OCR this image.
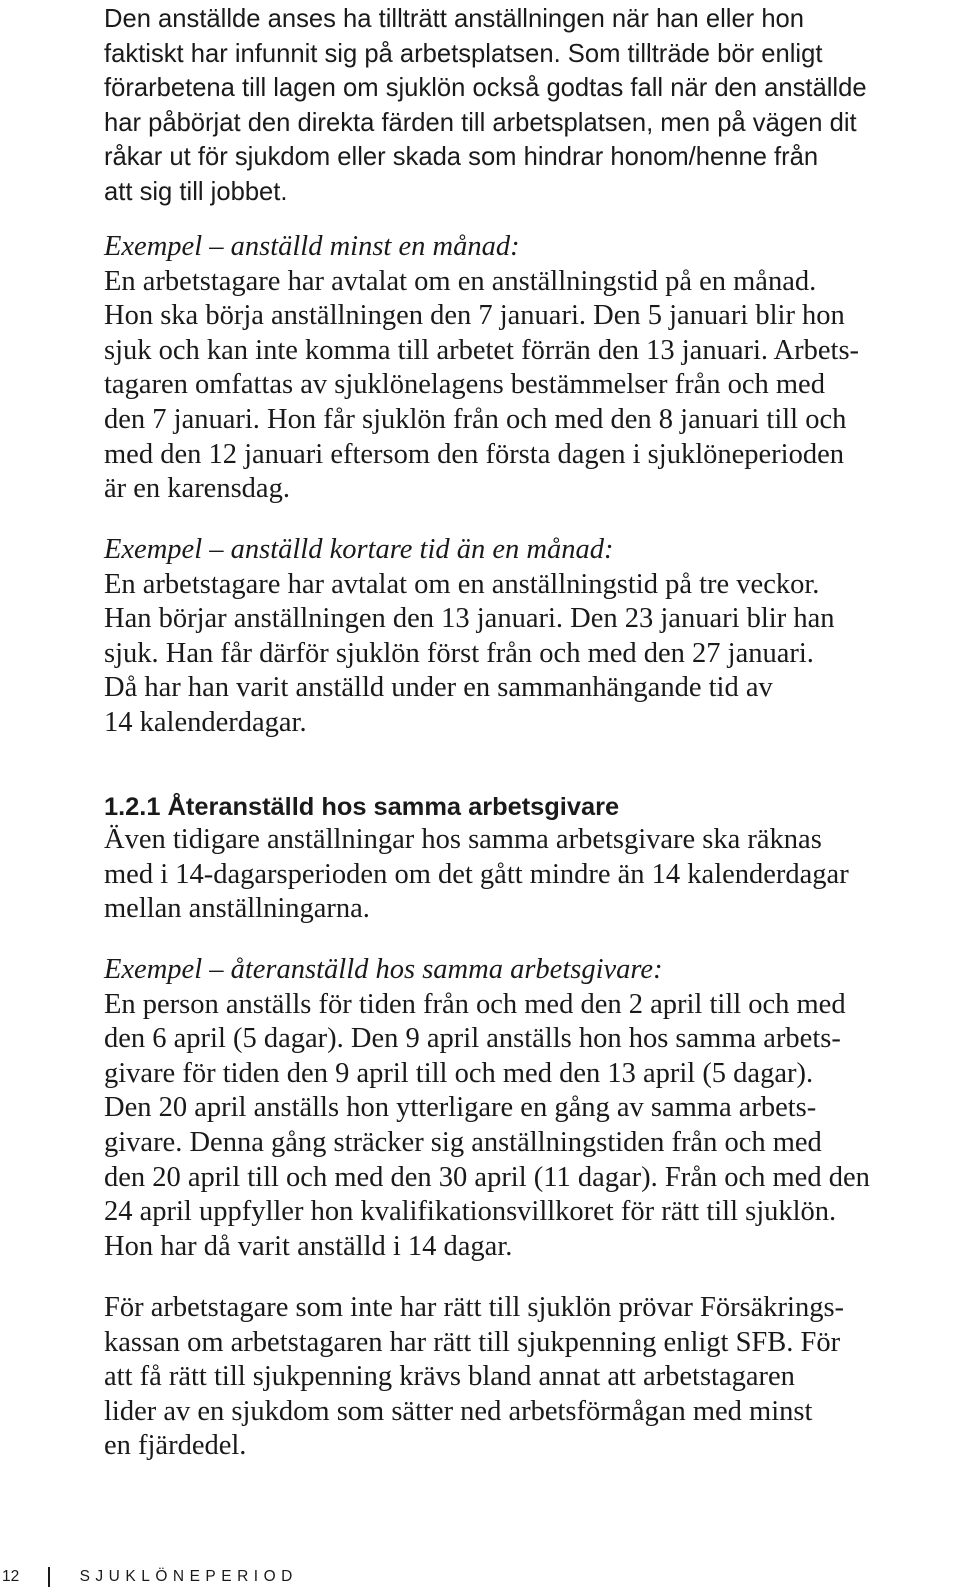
Den anställde anses ha tillträtt anställningen när han eller hon
faktiskt har infunnit sig på arbetsplatsen. Som tillträde bör enligt
förarbetena till lagen om sjuklön också godtas fall när den anställde
har påbörjat den direkta färden till arbetsplatsen, men på vägen dit
råkar ut för sjukdom eller skada som hindrar honom/henne från
att sig till jobbet.
Exempel – anställd minst en månad:
En arbetstagare har avtalat om en anställningstid på en månad.
Hon ska börja anställningen den 7 januari. Den 5 januari blir hon
sjuk och kan inte komma till arbetet förrän den 13 januari. Arbets-
tagaren omfattas av sjuklönelagens bestämmelser från och med
den 7 januari. Hon får sjuklön från och med den 8 januari till och
med den 12 januari eftersom den första dagen i sjuklöneperioden
är en karensdag.
Exempel – anställd kortare tid än en månad:
En arbetstagare har avtalat om en anställningstid på tre veckor.
Han börjar anställningen den 13 januari. Den 23 januari blir han
sjuk. Han får därför sjuklön först från och med den 27 januari.
Då har han varit anställd under en sammanhängande tid av
14 kalenderdagar.
1.2.1 Återanställd hos samma arbetsgivare
Även tidigare anställningar hos samma arbetsgivare ska räknas
med i 14-dagarsperioden om det gått mindre än 14 kalenderdagar
mellan anställningarna.
Exempel – återanställd hos samma arbetsgivare:
En person anställs för tiden från och med den 2 april till och med
den 6 april (5 dagar). Den 9 april anställs hon hos samma arbets-
givare för tiden den 9 april till och med den 13 april (5 dagar).
Den 20 april anställs hon ytterligare en gång av samma arbets-
givare. Denna gång sträcker sig anställningstiden från och med
den 20 april till och med den 30 april (11 dagar). Från och med den
24 april uppfyller hon kvalifikationsvillkoret för rätt till sjuklön.
Hon har då varit anställd i 14 dagar.
För arbetstagare som inte har rätt till sjuklön prövar Försäkrings-
kassan om arbetstagaren har rätt till sjukpenning enligt SFB. För
att få rätt till sjukpenning krävs bland annat att arbetstagaren
lider av en sjukdom som sätter ned arbetsförmågan med minst
en fjärdedel.
12	SJUKLÖNEPERIOD
